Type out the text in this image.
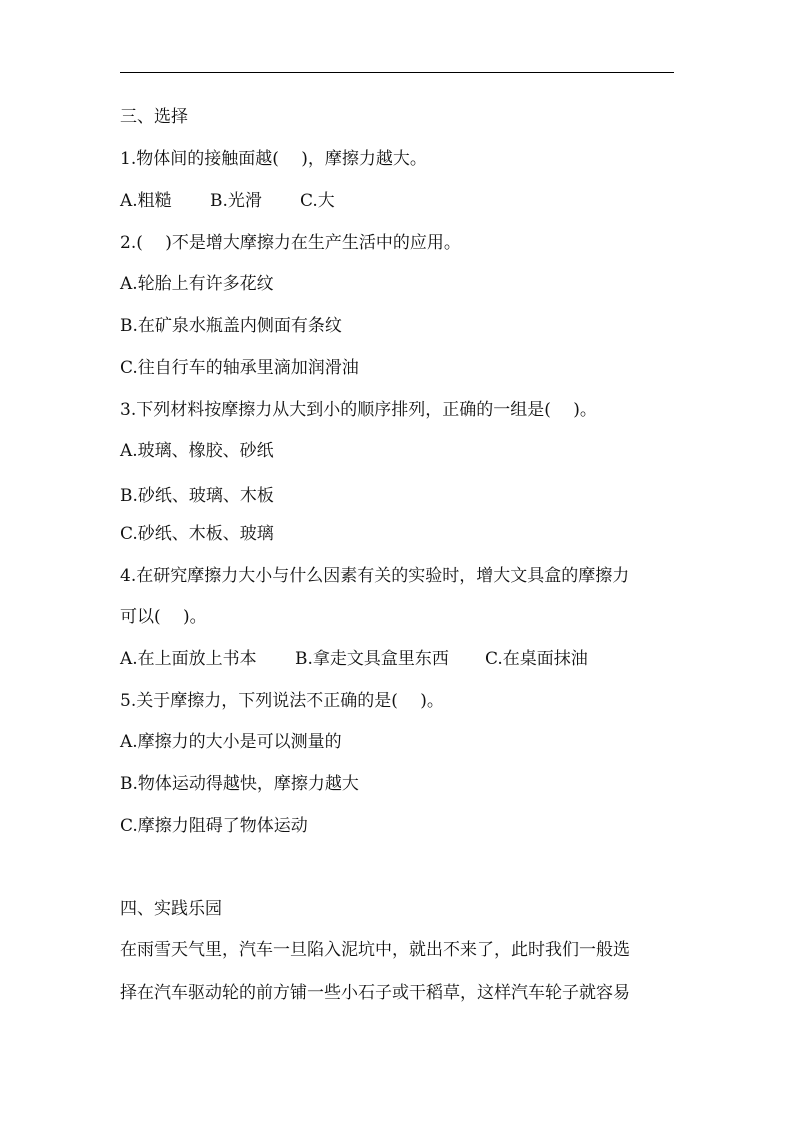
三、选择
1.物体间的接触面越(　 )，摩擦力越大。
A.粗糙 B.光滑 C.大
2.(　 )不是增大摩擦力在生产生活中的应用。
A.轮胎上有许多花纹
B.在矿泉水瓶盖内侧面有条纹
C.往自行车的轴承里滴加润滑油
3.下列材料按摩擦力从大到小的顺序排列，正确的一组是(　 )。
A.玻璃、橡胶、砂纸
B.砂纸、玻璃、木板
C.砂纸、木板、玻璃
4.在研究摩擦力大小与什么因素有关的实验时，增大文具盒的摩擦力
可以(　 )。
A.在上面放上书本 B.拿走文具盒里东西 C.在桌面抹油
5.关于摩擦力，下列说法不正确的是(　 )。
A.摩擦力的大小是可以测量的
B.物体运动得越快，摩擦力越大
C.摩擦力阻碍了物体运动
四、实践乐园
在雨雪天气里，汽车一旦陷入泥坑中，就出不来了，此时我们一般选
择在汽车驱动轮的前方铺一些小石子或干稻草，这样汽车轮子就容易
